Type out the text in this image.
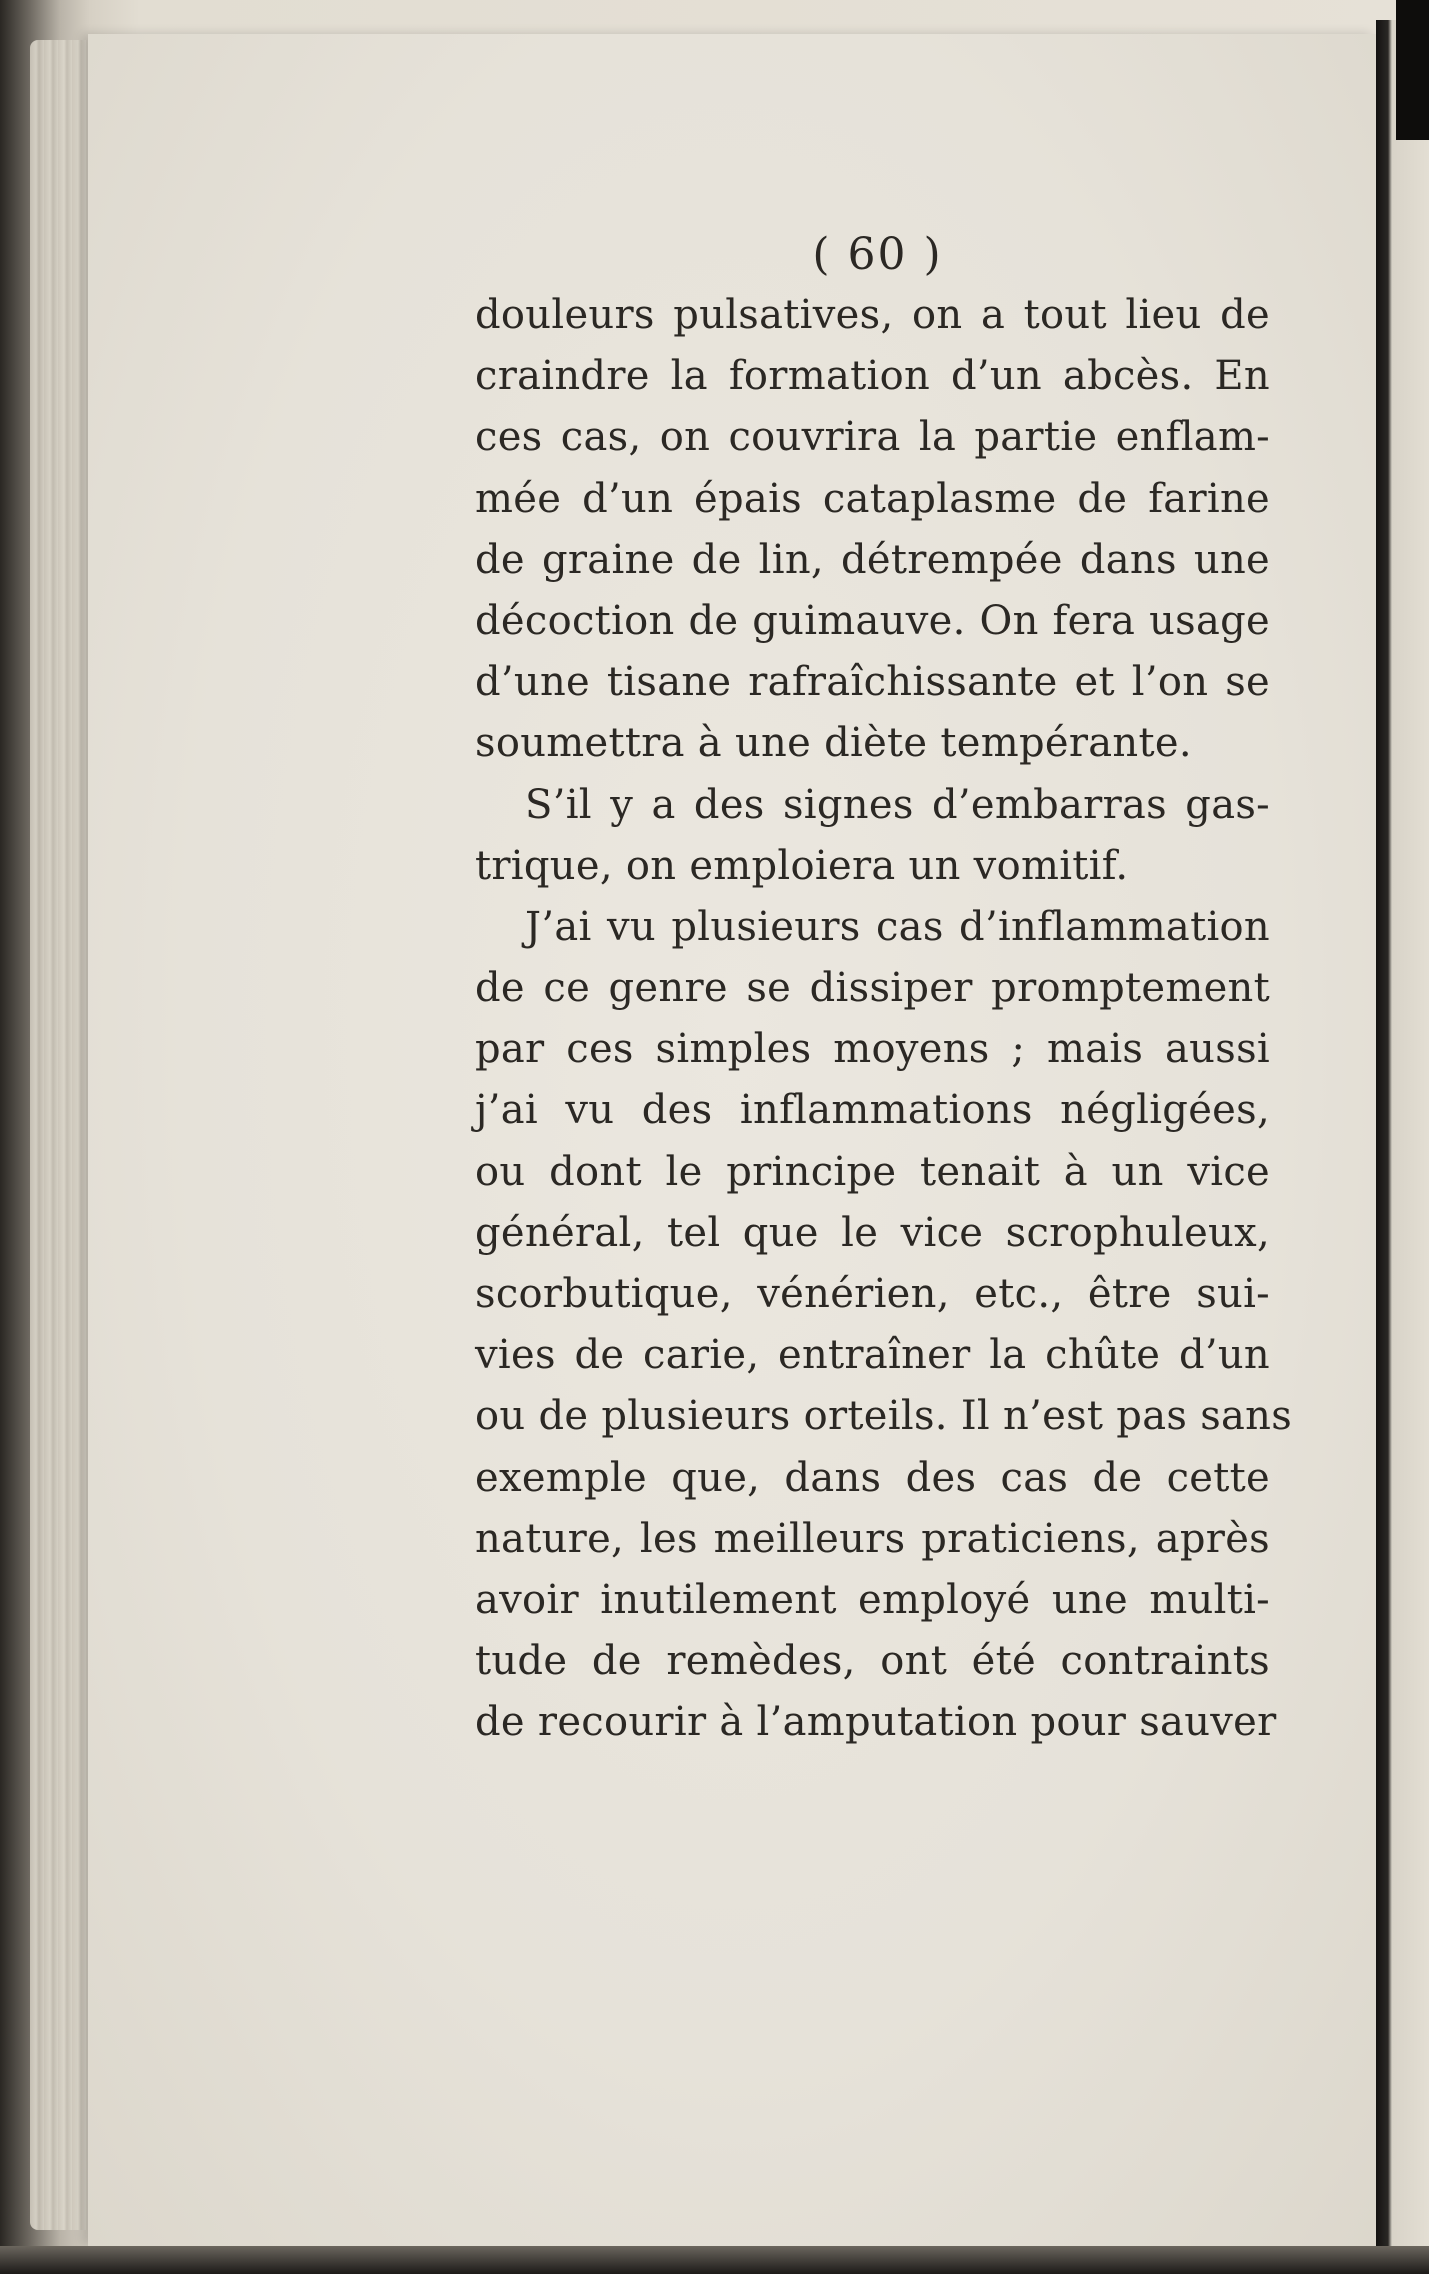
( 60 )
douleurs pulsatives, on a tout lieu de
craindre la formation d’un abcès. En
ces cas, on couvrira la partie enflam-
mée d’un épais cataplasme de farine
de graine de lin, détrempée dans une
décoction de guimauve. On fera usage
d’une tisane rafraîchissante et l’on se
soumettra à une diète tempérante.
S’il y a des signes d’embarras gas-
trique, on emploiera un vomitif.
J’ai vu plusieurs cas d’inflammation
de ce genre se dissiper promptement
par ces simples moyens ; mais aussi
j’ai vu des inflammations négligées,
ou dont le principe tenait à un vice
général, tel que le vice scrophuleux,
scorbutique, vénérien, etc., être sui-
vies de carie, entraîner la chûte d’un
ou de plusieurs orteils. Il n’est pas sans
exemple que, dans des cas de cette
nature, les meilleurs praticiens, après
avoir inutilement employé une multi-
tude de remèdes, ont été contraints
de recourir à l’amputation pour sauver
